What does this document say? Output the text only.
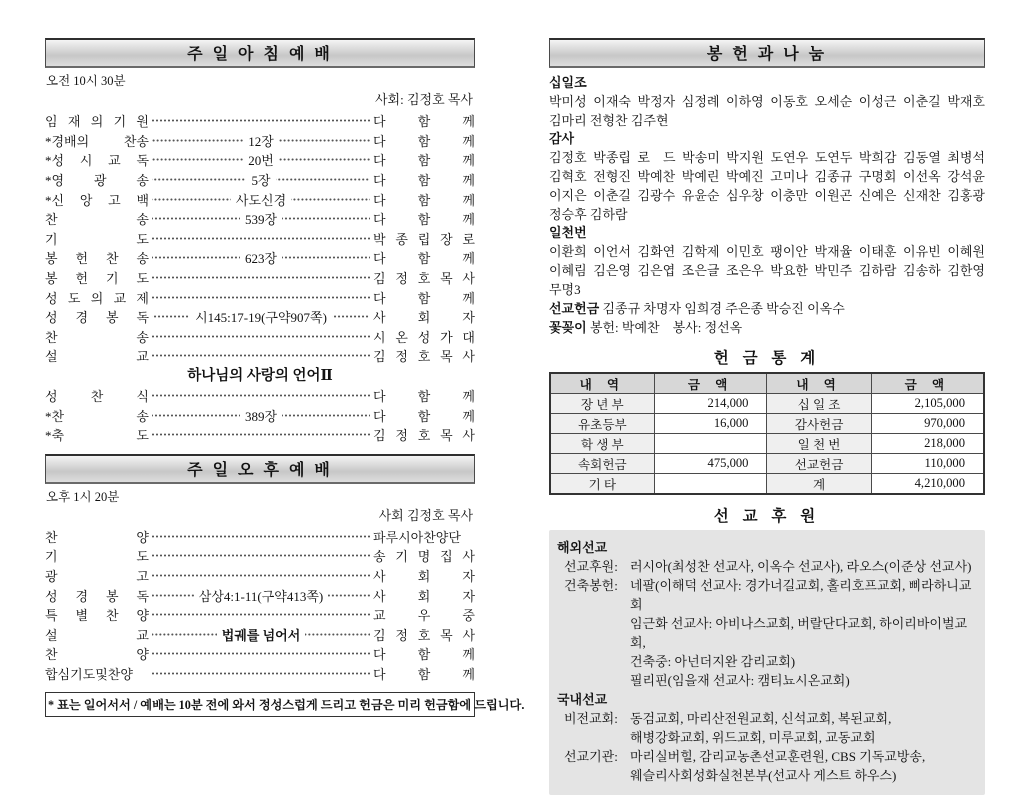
주 일 아 침 예 배
오전 10시 30분
사회: 김정호 목사
임 재 의 기 원	다 함 께
*경배의 찬송	12장	다 함 께
*성 시 교 독	20번	다 함 께
*영 광 송	5장	다 함 께
*신 앙 고 백	사도신경	다 함 께
찬 송	539장	다 함 께
기 도	박 종 립 장 로
봉 헌 찬 송	623장	다 함 께
봉 헌 기 도	김 정 호 목 사
성 도 의 교 제	다 함 께
성 경 봉 독	시145:17-19(구약907쪽)	사 회 자
찬 송	시 온 성 가 대
설 교	김 정 호 목 사
하나님의 사랑의 언어Ⅱ
성 찬 식	다 함 께
*찬 송	389장	다 함 께
*축 도	김 정 호 목 사
주 일 오 후 예 배
오후 1시 20분
사회 김정호 목사
찬 양	파루시아찬양단
기 도	송 기 명 집 사
광 고	사 회 자
성 경 봉 독	삼상4:1-11(구약413쪽)	사 회 자
특 별 찬 양	교 우 중
설 교	법궤를 넘어서	김 정 호 목 사
찬 양	다 함 께
합심기도및찬양	다 함 께
* 표는 일어서서 / 예배는 10분 전에 와서 정성스럽게 드리고 헌금은 미리 헌금함에 드립니다.
봉 헌 과 나 눔
십일조
박미성 이재숙 박정자 심정례 이하영 이동호 오세순 이성근 이춘길 박재호
김마리 전형찬 김주현
감사
김정호 박종립 로  드 박송미 박지원 도연우 도연두 박희감 김동열 최병석
김혁호 전형진 박예찬 박예린 박예진 고미나 김종규 구명회 이선옥 강석윤
이지은 이춘길 김광수 유윤순 심우창 이충만 이원곤 신예은 신재찬 김홍광
정승후 김하람
일천번
이환희 이언서 김화연 김학제 이민호 팽이안 박재율 이태훈 이유빈 이혜원
이혜림 김은영 김은엽 조은글 조은우 박요한 박민주 김하람 김송하 김한영
무명3
선교헌금 김종규 차명자 임희경 주은종 박승진 이옥수
꽃꽂이 봉헌: 박예찬    봉사: 정선옥
헌 금 통 계
내 역	금 액	내 역	금 액
장 년 부	214,000	십 일 조	2,105,000
유초등부	16,000	감사헌금	970,000
학 생 부		일 천 번	218,000
속회헌금	475,000	선교헌금	110,000
기 타		계	4,210,000
선 교 후 원
해외선교
선교후원: 러시아(최성찬 선교사, 이옥수 선교사), 라오스(이준상 선교사)
건축봉헌: 네팔(이해덕 선교사: 경가너길교회, 홀리호프교회, 삐라하니교회
임근화 선교사: 아비나스교회, 버랄단다교회, 하이리바이벌교회,
건축중: 아넌더지완 감리교회)
필리핀(임을재 선교사: 캠티뇨시온교회)
국내선교
비전교회: 동검교회, 마리산전원교회, 신석교회, 복된교회,
해병강화교회, 위드교회, 미루교회, 교동교회
선교기관: 마리실버힐, 감리교농촌선교훈련원, CBS 기독교방송,
웨슬리사회성화실천본부(선교사 게스트 하우스)
